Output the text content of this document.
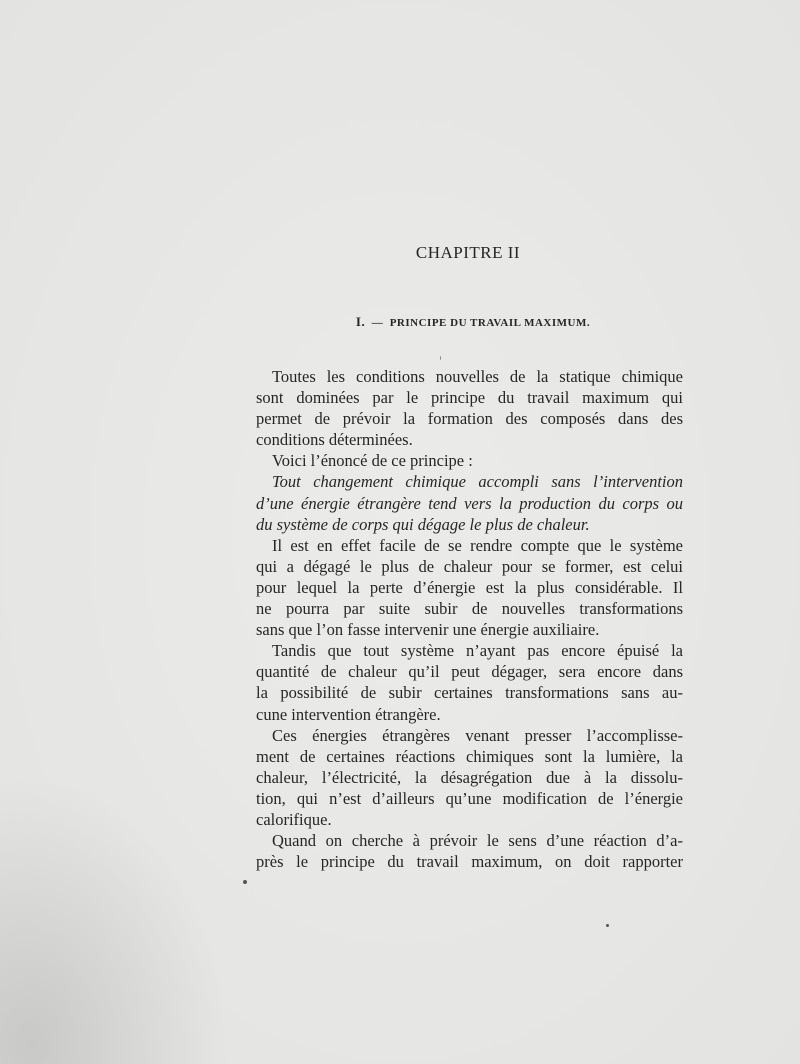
CHAPITRE II
I. — PRINCIPE DU TRAVAIL MAXIMUM.
Toutes les conditions nouvelles de la statique chimique
sont dominées par le principe du travail maximum qui
permet de prévoir la formation des composés dans des
conditions déterminées.
Voici l’énoncé de ce principe :
Tout changement chimique accompli sans l’intervention
d’une énergie étrangère tend vers la production du corps ou
du système de corps qui dégage le plus de chaleur.
Il est en effet facile de se rendre compte que le système
qui a dégagé le plus de chaleur pour se former, est celui
pour lequel la perte d’énergie est la plus considérable. Il
ne pourra par suite subir de nouvelles transformations
sans que l’on fasse intervenir une énergie auxiliaire.
Tandis que tout système n’ayant pas encore épuisé la
quantité de chaleur qu’il peut dégager, sera encore dans
la possibilité de subir certaines transformations sans au-
cune intervention étrangère.
Ces énergies étrangères venant presser l’accomplisse-
ment de certaines réactions chimiques sont la lumière, la
chaleur, l’électricité, la désagrégation due à la dissolu-
tion, qui n’est d’ailleurs qu’une modification de l’énergie
calorifique.
Quand on cherche à prévoir le sens d’une réaction d’a-
près le principe du travail maximum, on doit rapporter
